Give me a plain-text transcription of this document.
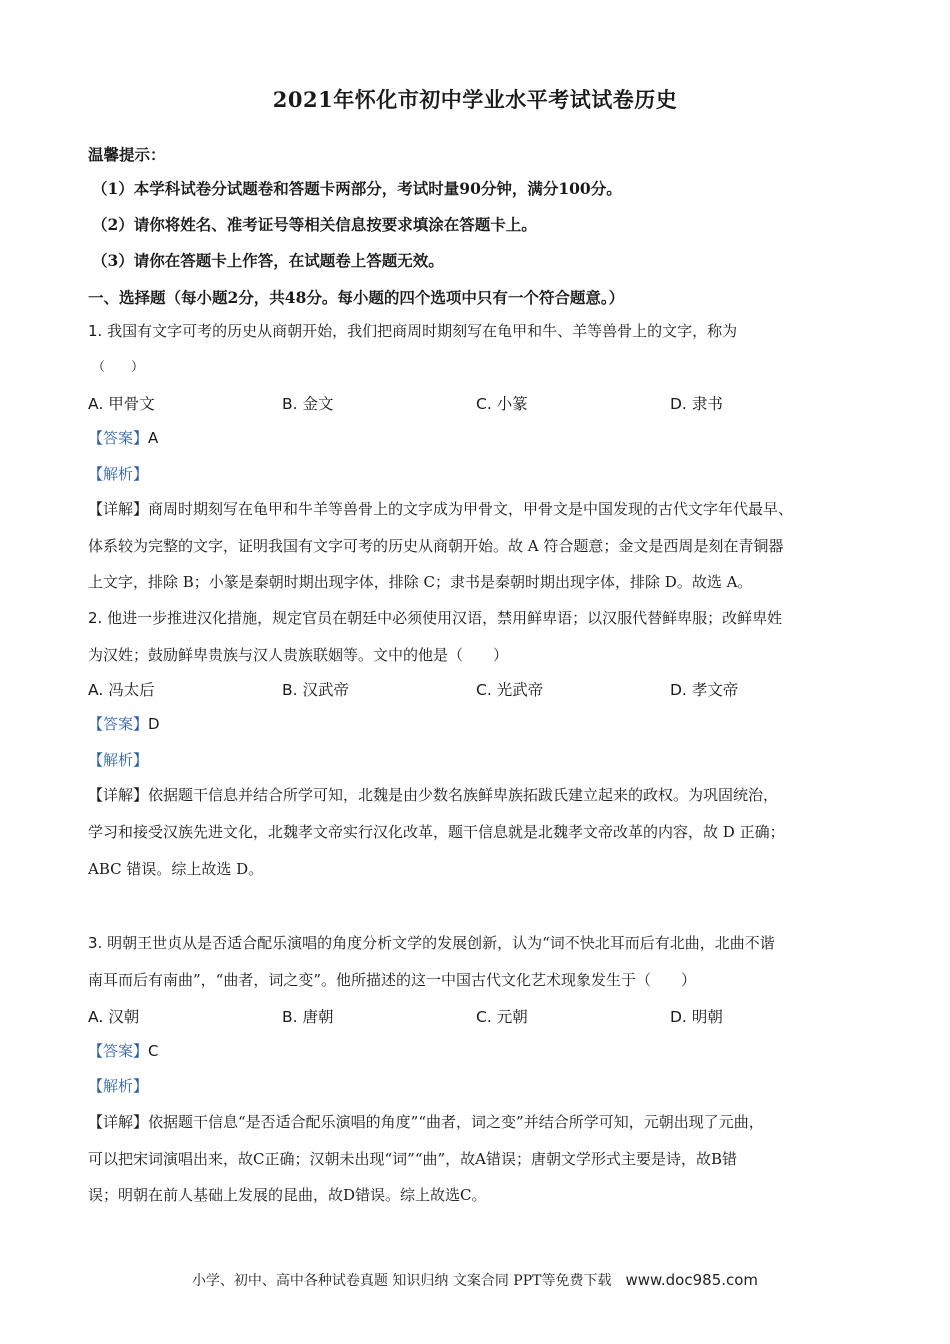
2021年怀化市初中学业水平考试试卷历史
温馨提示：
（1）本学科试卷分试题卷和答题卡两部分，考试时量90分钟，满分100分。
（2）请你将姓名、准考证号等相关信息按要求填涂在答题卡上。
（3）请你在答题卡上作答，在试题卷上答题无效。
一、选择题（每小题2分，共48分。每小题的四个选项中只有一个符合题意。）
1. 我国有文字可考的历史从商朝开始，我们把商周时期刻写在龟甲和牛、羊等兽骨上的文字，称为
（　　）
A. 甲骨文	B. 金文	C. 小篆	D. 隶书
【答案】A
【解析】
【详解】商周时期刻写在龟甲和牛羊等兽骨上的文字成为甲骨文，甲骨文是中国发现的古代文字年代最早、
体系较为完整的文字，证明我国有文字可考的历史从商朝开始。故 A 符合题意；金文是西周是刻在青铜器
上文字，排除 B；小篆是秦朝时期出现字体，排除 C；隶书是秦朝时期出现字体，排除 D。故选 A。
2. 他进一步推进汉化措施，规定官员在朝廷中必须使用汉语，禁用鲜卑语；以汉服代替鲜卑服；改鲜卑姓
为汉姓；鼓励鲜卑贵族与汉人贵族联姻等。文中的他是（　　）
A. 冯太后	B. 汉武帝	C. 光武帝	D. 孝文帝
【答案】D
【解析】
【详解】依据题干信息并结合所学可知，北魏是由少数名族鲜卑族拓跋氏建立起来的政权。为巩固统治，
学习和接受汉族先进文化，北魏孝文帝实行汉化改革，题干信息就是北魏孝文帝改革的内容，故 D 正确；
ABC 错误。综上故选 D。
3. 明朝王世贞从是否适合配乐演唱的角度分析文学的发展创新，认为“词不快北耳而后有北曲，北曲不谐
南耳而后有南曲”，“曲者，词之变”。他所描述的这一中国古代文化艺术现象发生于（　　）
A. 汉朝	B. 唐朝	C. 元朝	D. 明朝
【答案】C
【解析】
【详解】依据题干信息“是否适合配乐演唱的角度”“曲者，词之变”并结合所学可知，元朝出现了元曲，
可以把宋词演唱出来，故C正确；汉朝未出现“词”“曲”，故A错误；唐朝文学形式主要是诗，故B错
误；明朝在前人基础上发展的昆曲，故D错误。综上故选C。
小学、初中、高中各种试卷真题 知识归纳 文案合同 PPT等免费下载 www.doc985.com
